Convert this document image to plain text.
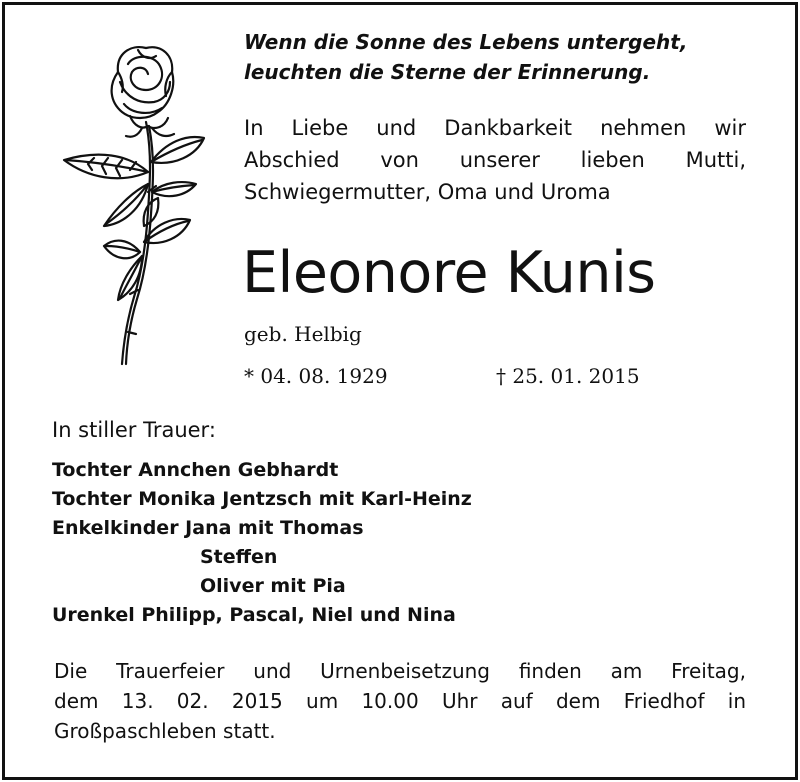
Wenn die Sonne des Lebens untergeht,
leuchten die Sterne der Erinnerung.
In Liebe und Dankbarkeit nehmen wir
Abschied von unserer lieben Mutti,
Schwiegermutter, Oma und Uroma
Eleonore Kunis
geb. Helbig
* 04. 08. 1929	† 25. 01. 2015
In stiller Trauer:
Tochter Annchen Gebhardt
Tochter Monika Jentzsch mit Karl-Heinz
Enkelkinder Jana mit Thomas
Steffen
Oliver mit Pia
Urenkel Philipp, Pascal, Niel und Nina
Die Trauerfeier und Urnenbeisetzung finden am Freitag,
dem 13. 02. 2015 um 10.00 Uhr auf dem Friedhof in
Großpaschleben statt.
